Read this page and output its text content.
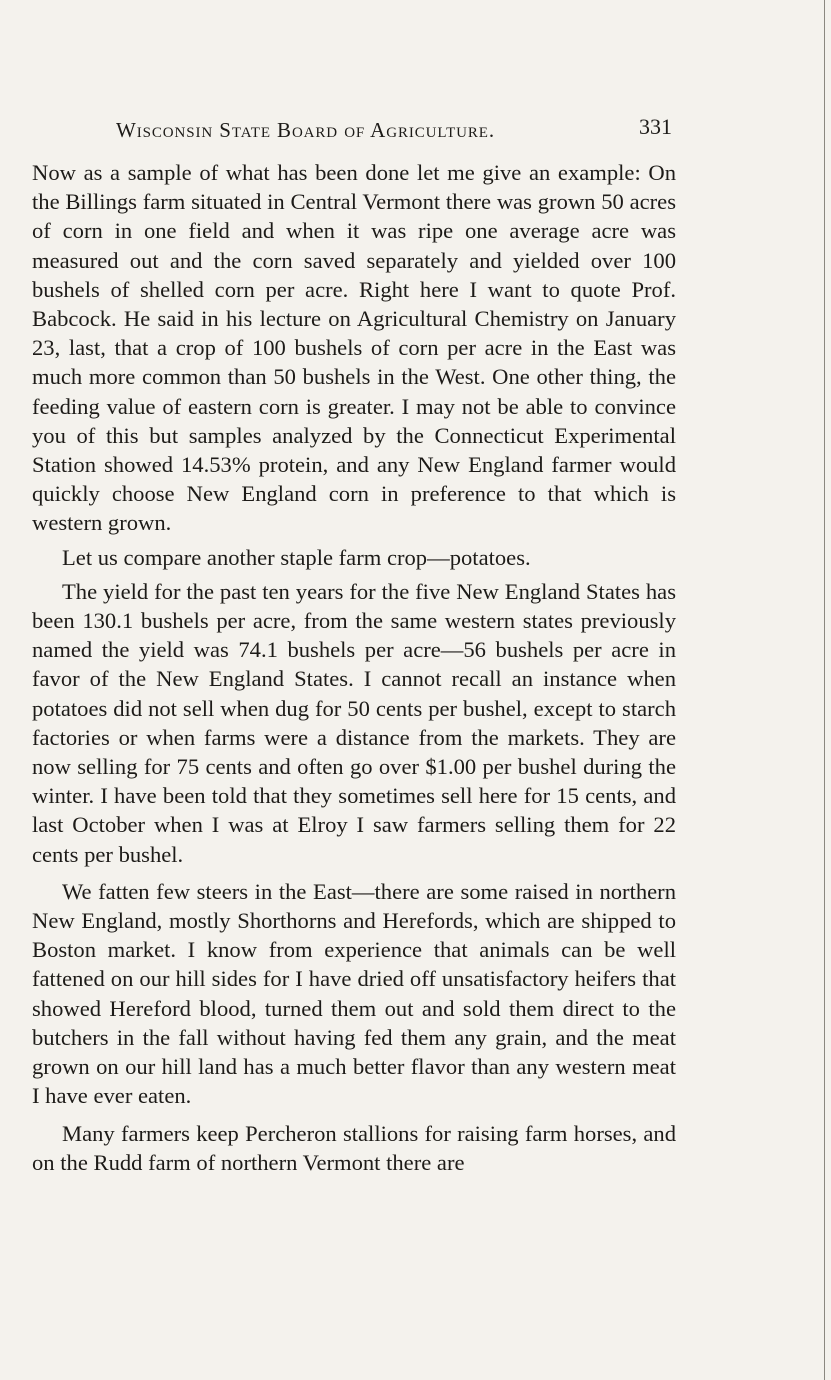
Wisconsin State Board of Agriculture.	331

Now as a sample of what has been done let me give an example: On the Billings farm situated in Central Vermont there was grown 50 acres of corn in one field and when it was ripe one average acre was measured out and the corn saved separately and yielded over 100 bushels of shelled corn per acre. Right here I want to quote Prof. Babcock. He said in his lecture on Agricultural Chemistry on January 23, last, that a crop of 100 bushels of corn per acre in the East was much more common than 50 bushels in the West. One other thing, the feeding value of eastern corn is greater. I may not be able to convince you of this but samples analyzed by the Connecticut Experimental Station showed 14.53% protein, and any New England farmer would quickly choose New England corn in preference to that which is western grown.

Let us compare another staple farm crop—potatoes.

The yield for the past ten years for the five New England States has been 130.1 bushels per acre, from the same western states previously named the yield was 74.1 bushels per acre—56 bushels per acre in favor of the New England States. I cannot recall an instance when potatoes did not sell when dug for 50 cents per bushel, except to starch factories or when farms were a distance from the markets. They are now selling for 75 cents and often go over $1.00 per bushel during the winter. I have been told that they sometimes sell here for 15 cents, and last October when I was at Elroy I saw farmers selling them for 22 cents per bushel.

We fatten few steers in the East—there are some raised in northern New England, mostly Shorthorns and Herefords, which are shipped to Boston market. I know from experience that animals can be well fattened on our hill sides for I have dried off unsatisfactory heifers that showed Hereford blood, turned them out and sold them direct to the butchers in the fall without having fed them any grain, and the meat grown on our hill land has a much better flavor than any western meat I have ever eaten.

Many farmers keep Percheron stallions for raising farm horses, and on the Rudd farm of northern Vermont there are
